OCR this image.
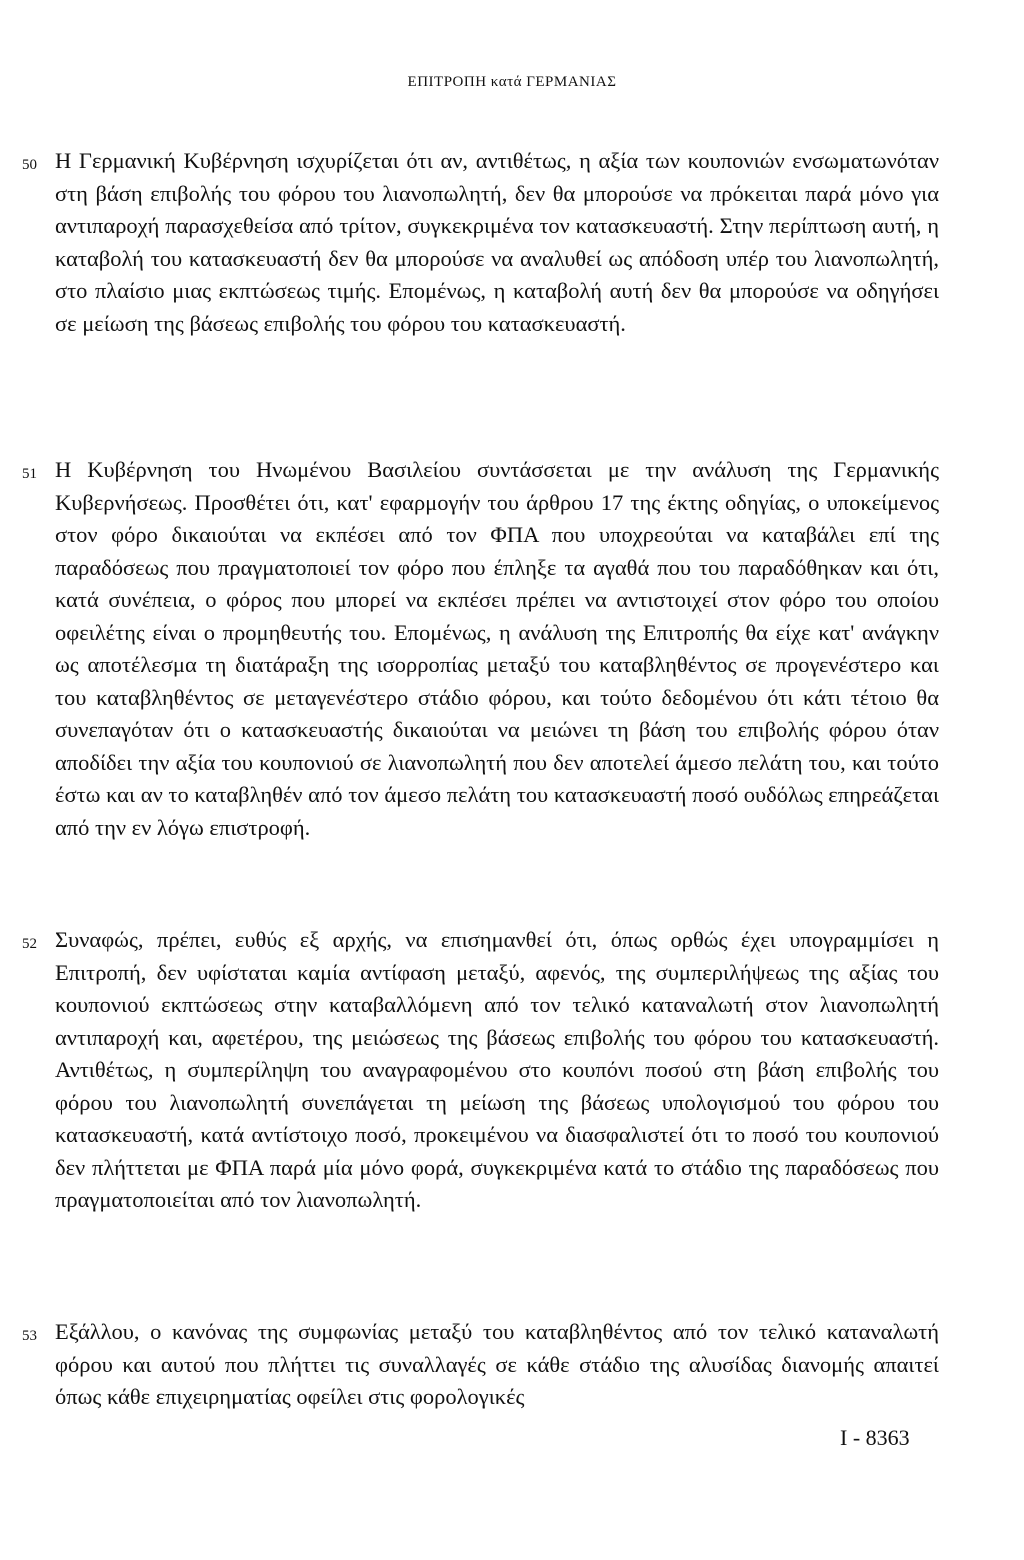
ΕΠΙΤΡΟΠΗ κατά ΓΕΡΜΑΝΙΑΣ
50 Η Γερμανική Κυβέρνηση ισχυρίζεται ότι αν, αντιθέτως, η αξία των κουπονιών ενσωματωνόταν στη βάση επιβολής του φόρου του λιανοπωλητή, δεν θα μπορούσε να πρόκειται παρά μόνο για αντιπαροχή παρασχεθείσα από τρίτον, συγκεκριμένα τον κατασκευαστή. Στην περίπτωση αυτή, η καταβολή του κατασκευαστή δεν θα μπορούσε να αναλυθεί ως απόδοση υπέρ του λιανοπωλητή, στο πλαίσιο μιας εκπτώσεως τιμής. Επομένως, η καταβολή αυτή δεν θα μπορούσε να οδηγήσει σε μείωση της βάσεως επιβολής του φόρου του κατασκευαστή.
51 Η Κυβέρνηση του Ηνωμένου Βασιλείου συντάσσεται με την ανάλυση της Γερμανικής Κυβερνήσεως. Προσθέτει ότι, κατ' εφαρμογήν του άρθρου 17 της έκτης οδηγίας, ο υποκείμενος στον φόρο δικαιούται να εκπέσει από τον ΦΠΑ που υποχρεούται να καταβάλει επί της παραδόσεως που πραγματοποιεί τον φόρο που έπληξε τα αγαθά που του παραδόθηκαν και ότι, κατά συνέπεια, ο φόρος που μπορεί να εκπέσει πρέπει να αντιστοιχεί στον φόρο του οποίου οφειλέτης είναι ο προμηθευτής του. Επομένως, η ανάλυση της Επιτροπής θα είχε κατ' ανάγκην ως αποτέλεσμα τη διατάραξη της ισορροπίας μεταξύ του καταβληθέντος σε προγενέστερο και του καταβληθέντος σε μεταγενέστερο στάδιο φόρου, και τούτο δεδομένου ότι κάτι τέτοιο θα συνεπαγόταν ότι ο κατασκευαστής δικαιούται να μειώνει τη βάση του επιβολής φόρου όταν αποδίδει την αξία του κουπονιού σε λιανοπωλητή που δεν αποτελεί άμεσο πελάτη του, και τούτο έστω και αν το καταβληθέν από τον άμεσο πελάτη του κατασκευαστή ποσό ουδόλως επηρεάζεται από την εν λόγω επιστροφή.
52 Συναφώς, πρέπει, ευθύς εξ αρχής, να επισημανθεί ότι, όπως ορθώς έχει υπογραμμίσει η Επιτροπή, δεν υφίσταται καμία αντίφαση μεταξύ, αφενός, της συμπεριλήψεως της αξίας του κουπονιού εκπτώσεως στην καταβαλλόμενη από τον τελικό καταναλωτή στον λιανοπωλητή αντιπαροχή και, αφετέρου, της μειώσεως της βάσεως επιβολής του φόρου του κατασκευαστή. Αντιθέτως, η συμπερίληψη του αναγραφομένου στο κουπόνι ποσού στη βάση επιβολής του φόρου του λιανοπωλητή συνεπάγεται τη μείωση της βάσεως υπολογισμού του φόρου του κατασκευαστή, κατά αντίστοιχο ποσό, προκειμένου να διασφαλιστεί ότι το ποσό του κουπονιού δεν πλήττεται με ΦΠΑ παρά μία μόνο φορά, συγκεκριμένα κατά το στάδιο της παραδόσεως που πραγματοποιείται από τον λιανοπωλητή.
53 Εξάλλου, ο κανόνας της συμφωνίας μεταξύ του καταβληθέντος από τον τελικό καταναλωτή φόρου και αυτού που πλήττει τις συναλλαγές σε κάθε στάδιο της αλυσίδας διανομής απαιτεί όπως κάθε επιχειρηματίας οφείλει στις φορολογικές
I - 8363
